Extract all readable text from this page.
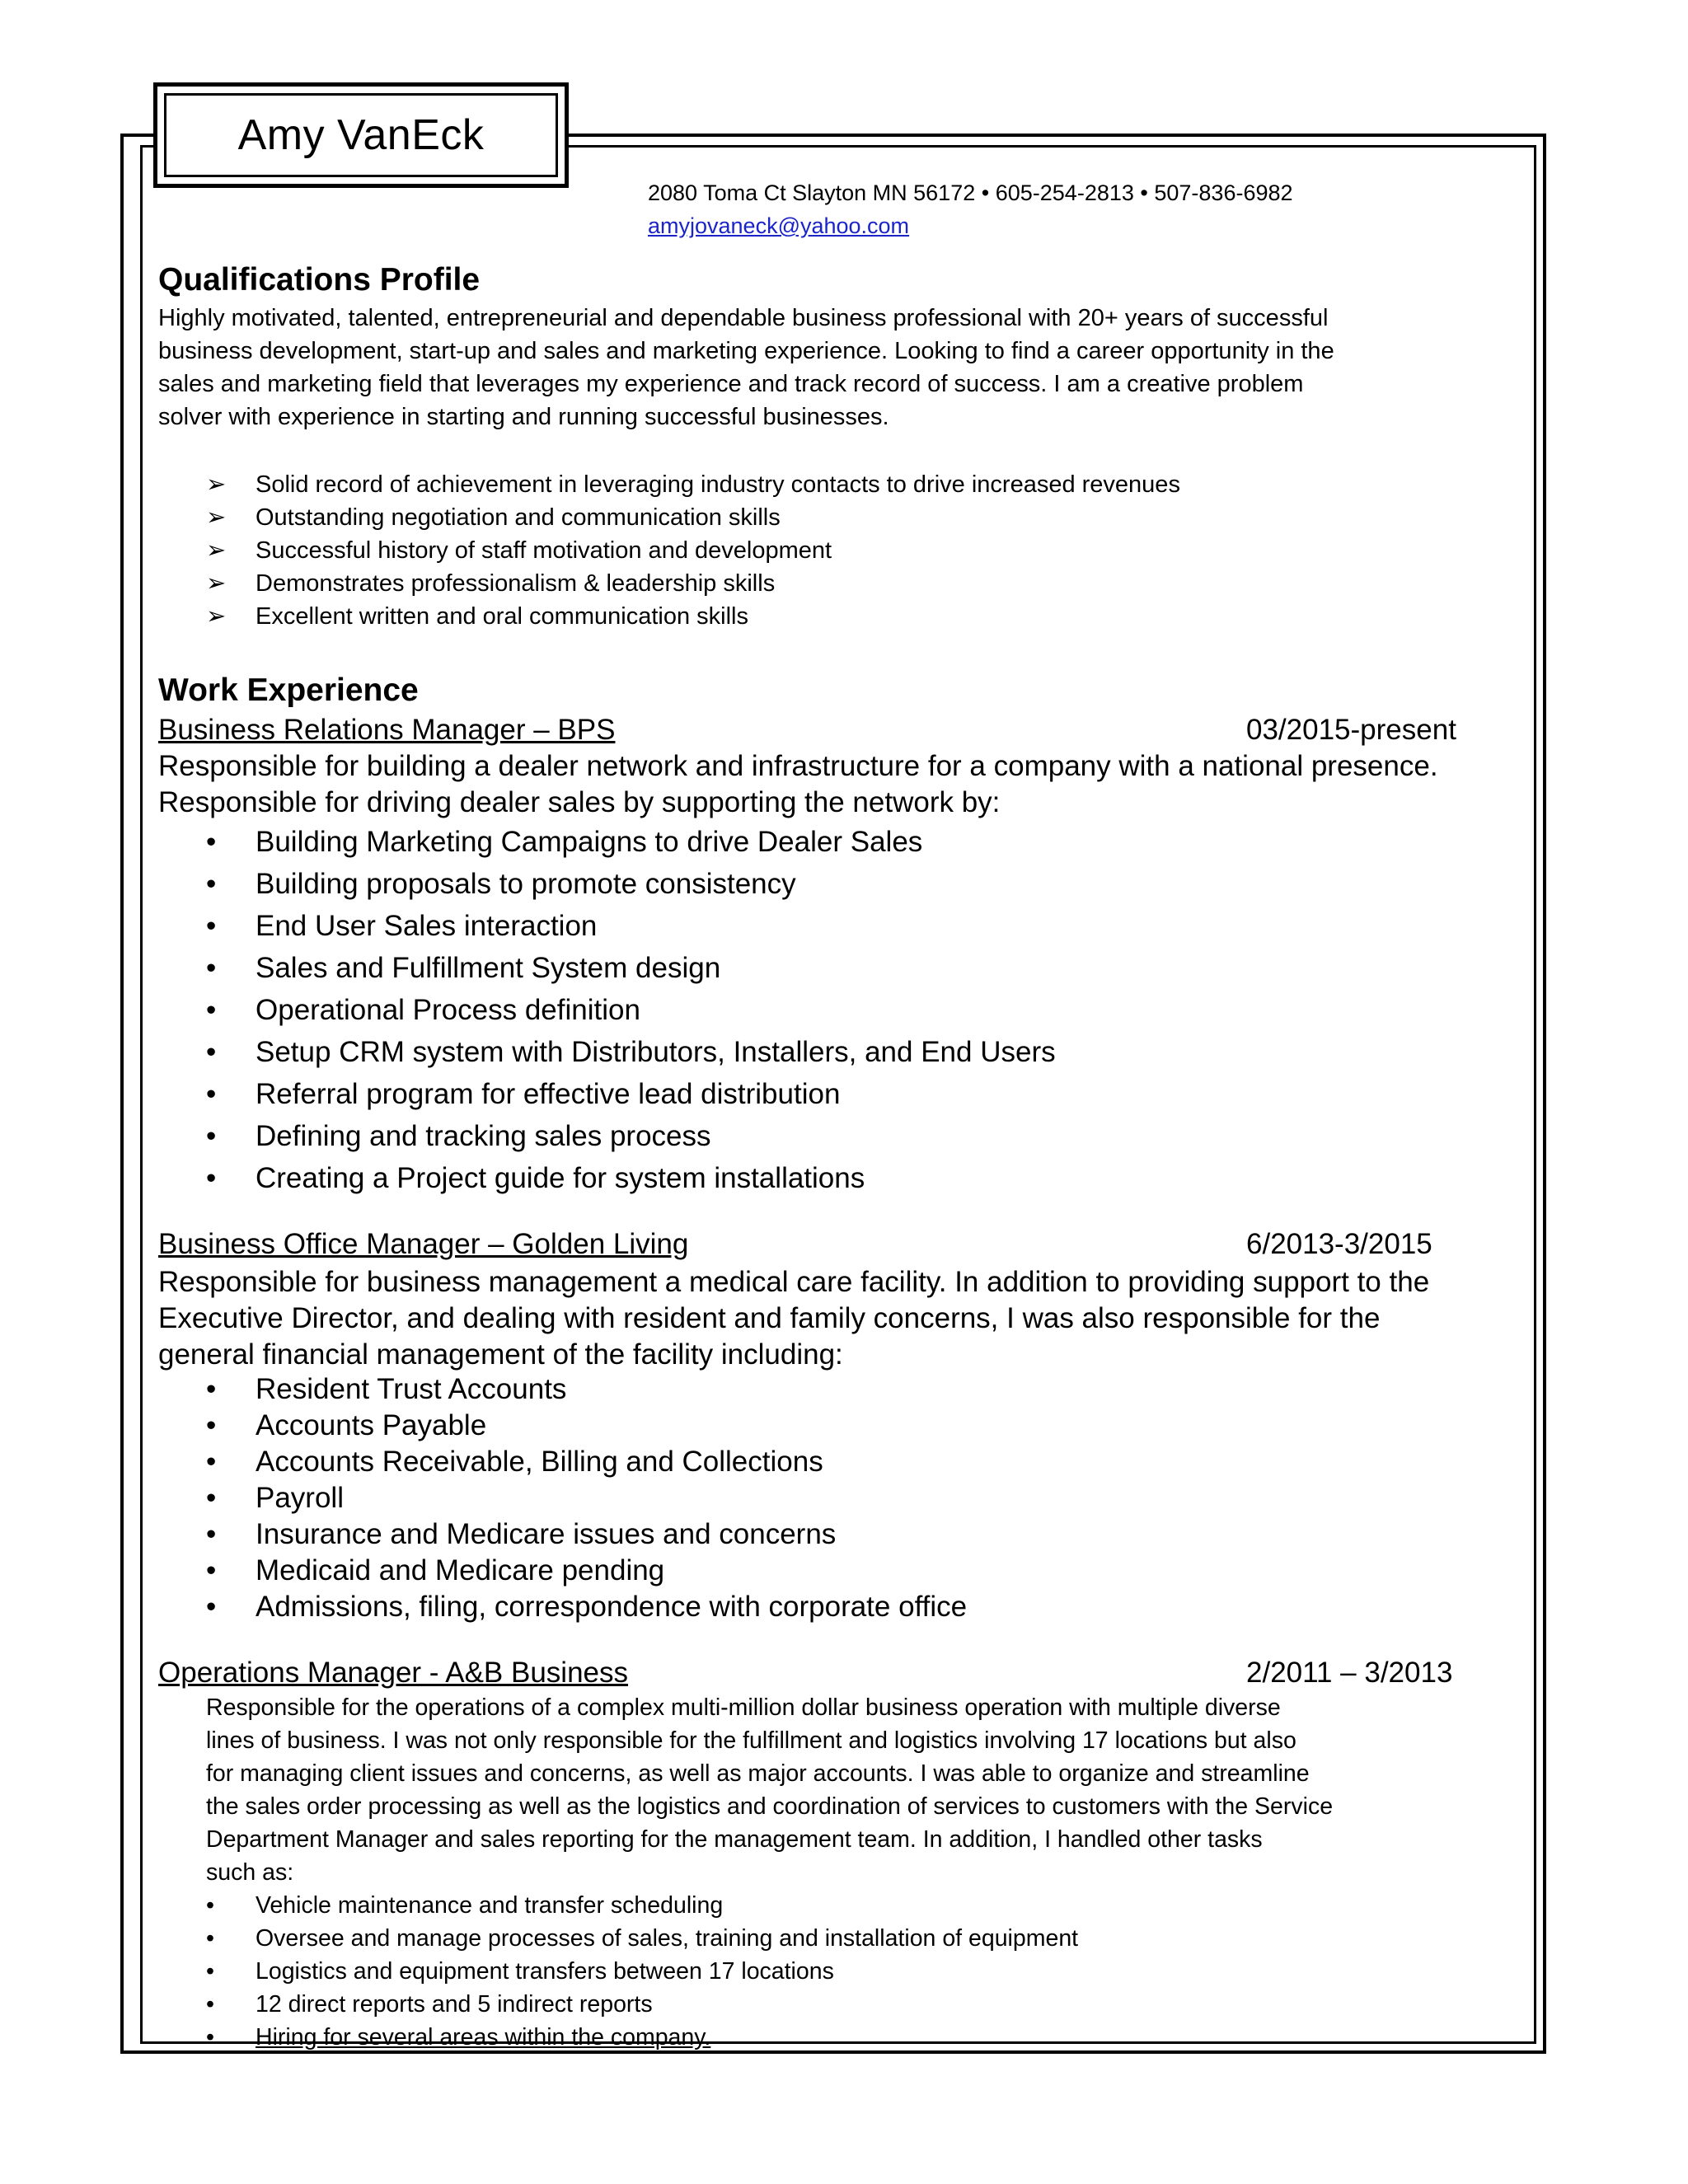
Amy VanEck
2080 Toma Ct Slayton MN 56172 • 605-254-2813 • 507-836-6982
amyjovaneck@yahoo.com
Qualifications Profile
Highly motivated, talented, entrepreneurial and dependable business professional with 20+ years of successful
business development, start-up and sales and marketing experience. Looking to find a career opportunity in the
sales and marketing field that leverages my experience and track record of success. I am a creative problem
solver with experience in starting and running successful businesses.
➢ Solid record of achievement in leveraging industry contacts to drive increased revenues
➢ Outstanding negotiation and communication skills
➢ Successful history of staff motivation and development
➢ Demonstrates professionalism & leadership skills
➢ Excellent written and oral communication skills
Work Experience
Business Relations Manager – BPS	03/2015-present
Responsible for building a dealer network and infrastructure for a company with a national presence.
Responsible for driving dealer sales by supporting the network by:
• Building Marketing Campaigns to drive Dealer Sales
• Building proposals to promote consistency
• End User Sales interaction
• Sales and Fulfillment System design
• Operational Process definition
• Setup CRM system with Distributors, Installers, and End Users
• Referral program for effective lead distribution
• Defining and tracking sales process
• Creating a Project guide for system installations
Business Office Manager – Golden Living	6/2013-3/2015
Responsible for business management a medical care facility. In addition to providing support to the
Executive Director, and dealing with resident and family concerns, I was also responsible for the
general financial management of the facility including:
• Resident Trust Accounts
• Accounts Payable
• Accounts Receivable, Billing and Collections
• Payroll
• Insurance and Medicare issues and concerns
• Medicaid and Medicare pending
• Admissions, filing, correspondence with corporate office
Operations Manager - A&B Business	2/2011 – 3/2013
Responsible for the operations of a complex multi-million dollar business operation with multiple diverse
lines of business. I was not only responsible for the fulfillment and logistics involving 17 locations but also
for managing client issues and concerns, as well as major accounts. I was able to organize and streamline
the sales order processing as well as the logistics and coordination of services to customers with the Service
Department Manager and sales reporting for the management team. In addition, I handled other tasks
such as:
• Vehicle maintenance and transfer scheduling
• Oversee and manage processes of sales, training and installation of equipment
• Logistics and equipment transfers between 17 locations
• 12 direct reports and 5 indirect reports
• Hiring for several areas within the company.
